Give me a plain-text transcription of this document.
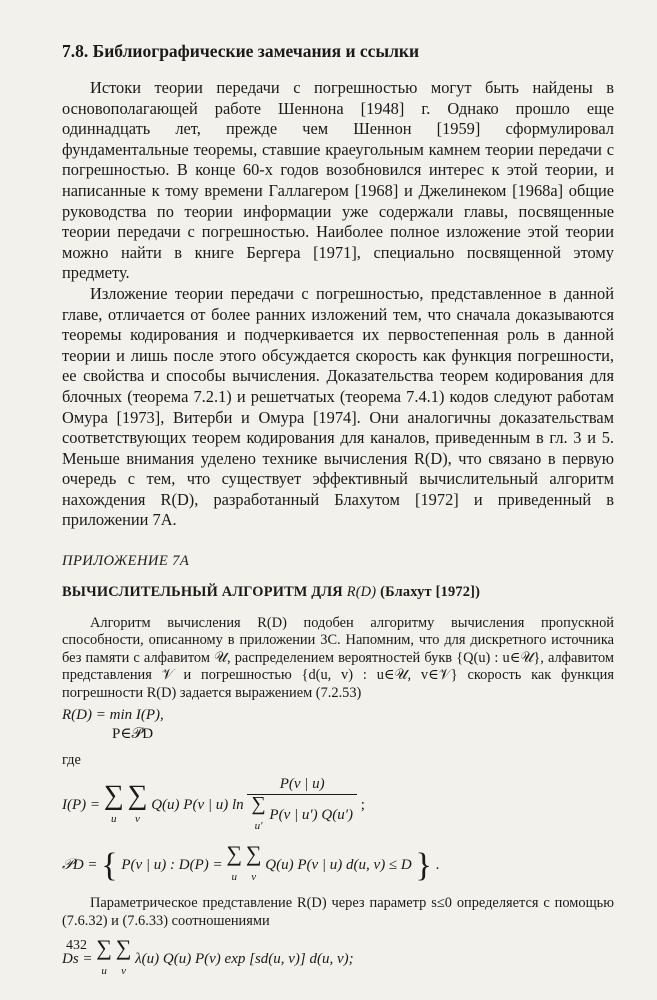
7.8. Библиографические замечания и ссылки

Истоки теории передачи с погрешностью могут быть найдены в основополагающей работе Шеннона [1948] г. Однако прошло еще одиннадцать лет, прежде чем Шеннон [1959] сформулировал фундаментальные теоремы, ставшие краеугольным камнем теории передачи с погрешностью. В конце 60-х годов возобновился интерес к этой теории, и написанные к тому времени Галлагером [1968] и Джелинеком [1968а] общие руководства по теории информации уже содержали главы, посвященные теории передачи с погрешностью. Наиболее полное изложение этой теории можно найти в книге Бергера [1971], специально посвященной этому предмету.

Изложение теории передачи с погрешностью, представленное в данной главе, отличается от более ранних изложений тем, что сначала доказываются теоремы кодирования и подчеркивается их первостепенная роль в данной теории и лишь после этого обсуждается скорость как функция погрешности, ее свойства и способы вычисления. Доказательства теорем кодирования для блочных (теорема 7.2.1) и решетчатых (теорема 7.4.1) кодов следуют работам Омура [1973], Витерби и Омура [1974]. Они аналогичны доказательствам соответствующих теорем кодирования для каналов, приведенным в гл. 3 и 5. Меньше внимания уделено технике вычисления R(D), что связано в первую очередь с тем, что существует эффективный вычислительный алгоритм нахождения R(D), разработанный Блахутом [1972] и приведенный в приложении 7А.

ПРИЛОЖЕНИЕ 7А
ВЫЧИСЛИТЕЛЬНЫЙ АЛГОРИТМ ДЛЯ R(D) (Блахут [1972])

Алгоритм вычисления R(D) подобен алгоритму вычисления пропускной способности, описанному в приложении 3С. Напомним, что для дискретного источника без памяти с алфавитом 𝒰, распределением вероятностей букв {Q(u) : u∈𝒰}, алфавитом представления 𝒱 и погрешностью {d(u, v) : u∈𝒰, v∈𝒱} скорость как функция погрешности R(D) задается выражением (7.2.53)

R(D) = min I(P),
P∈𝒫D
где
I(P) = ∑
u ∑
v Q(u) P(v | u) ln
P(v | u)
∑
u′ P(v | u′) Q(u′)
;
𝒫D = { P(v | u) : D(P) = ∑
u ∑
v Q(u) P(v | u) d(u, v) ≤ D } .

Параметрическое представление R(D) через параметр s≤0 определяется с помощью (7.6.32) и (7.6.33) соотношениями

Ds = ∑
u ∑
v λ(u) Q(u) P(v) exp [sd(u, v)] d(u, v);
432
